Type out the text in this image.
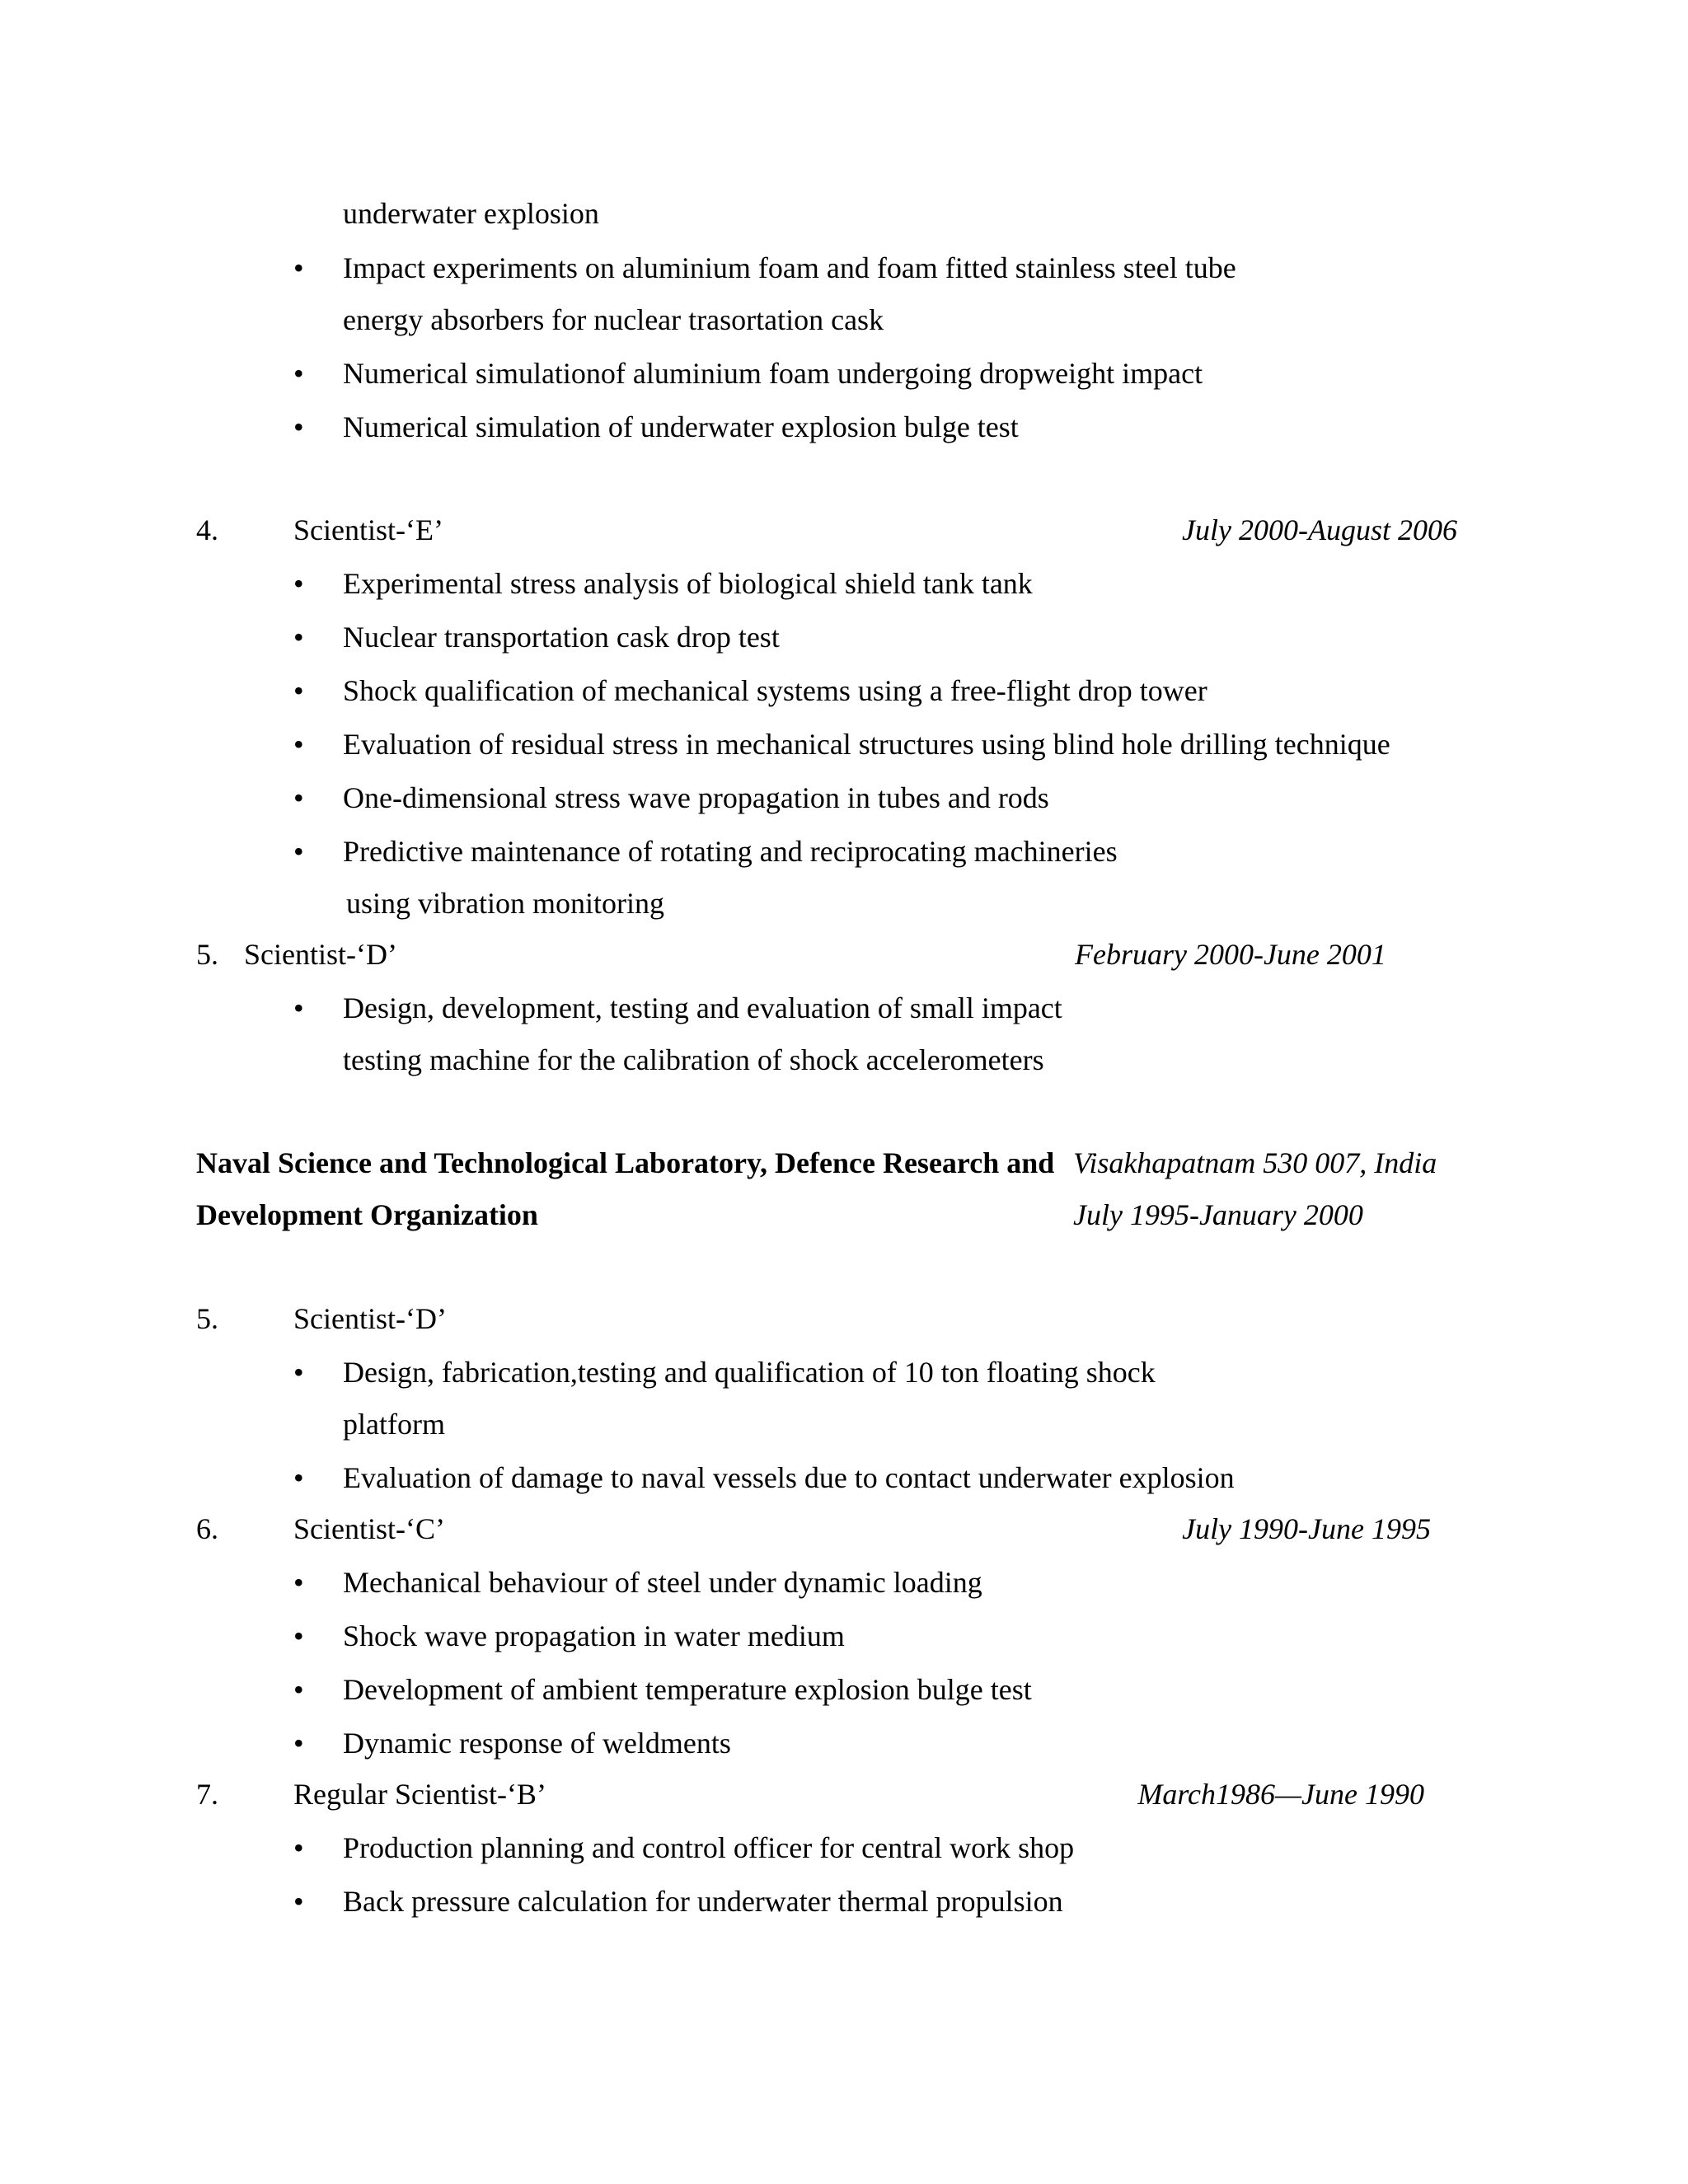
underwater explosion
• Impact experiments on aluminium foam and foam fitted stainless steel tube
energy absorbers for nuclear trasortation cask
• Numerical simulationof aluminium foam undergoing dropweight impact
• Numerical simulation of underwater explosion bulge test
4.	Scientist-‘E’	July 2000-August 2006
• Experimental stress analysis of biological shield tank tank
• Nuclear transportation cask drop test
• Shock qualification of mechanical systems using a free-flight drop tower
• Evaluation of residual stress in mechanical structures using blind hole drilling technique
• One-dimensional stress wave propagation in tubes and rods
• Predictive maintenance of rotating and reciprocating machineries
using vibration monitoring
5. Scientist-‘D’	February 2000-June 2001
• Design, development, testing and evaluation of small impact
testing machine for the calibration of shock accelerometers
Naval Science and Technological Laboratory, Defence Research and Visakhapatnam 530 007, India
Development Organization	July 1995-January 2000
5.	Scientist-‘D’
• Design, fabrication,testing and qualification of 10 ton floating shock
platform
• Evaluation of damage to naval vessels due to contact underwater explosion
6.	Scientist-‘C’	July 1990-June 1995
• Mechanical behaviour of steel under dynamic loading
• Shock wave propagation in water medium
• Development of ambient temperature explosion bulge test
• Dynamic response of weldments
7.	Regular Scientist-‘B’	March1986—June 1990
• Production planning and control officer for central work shop
• Back pressure calculation for underwater thermal propulsion
